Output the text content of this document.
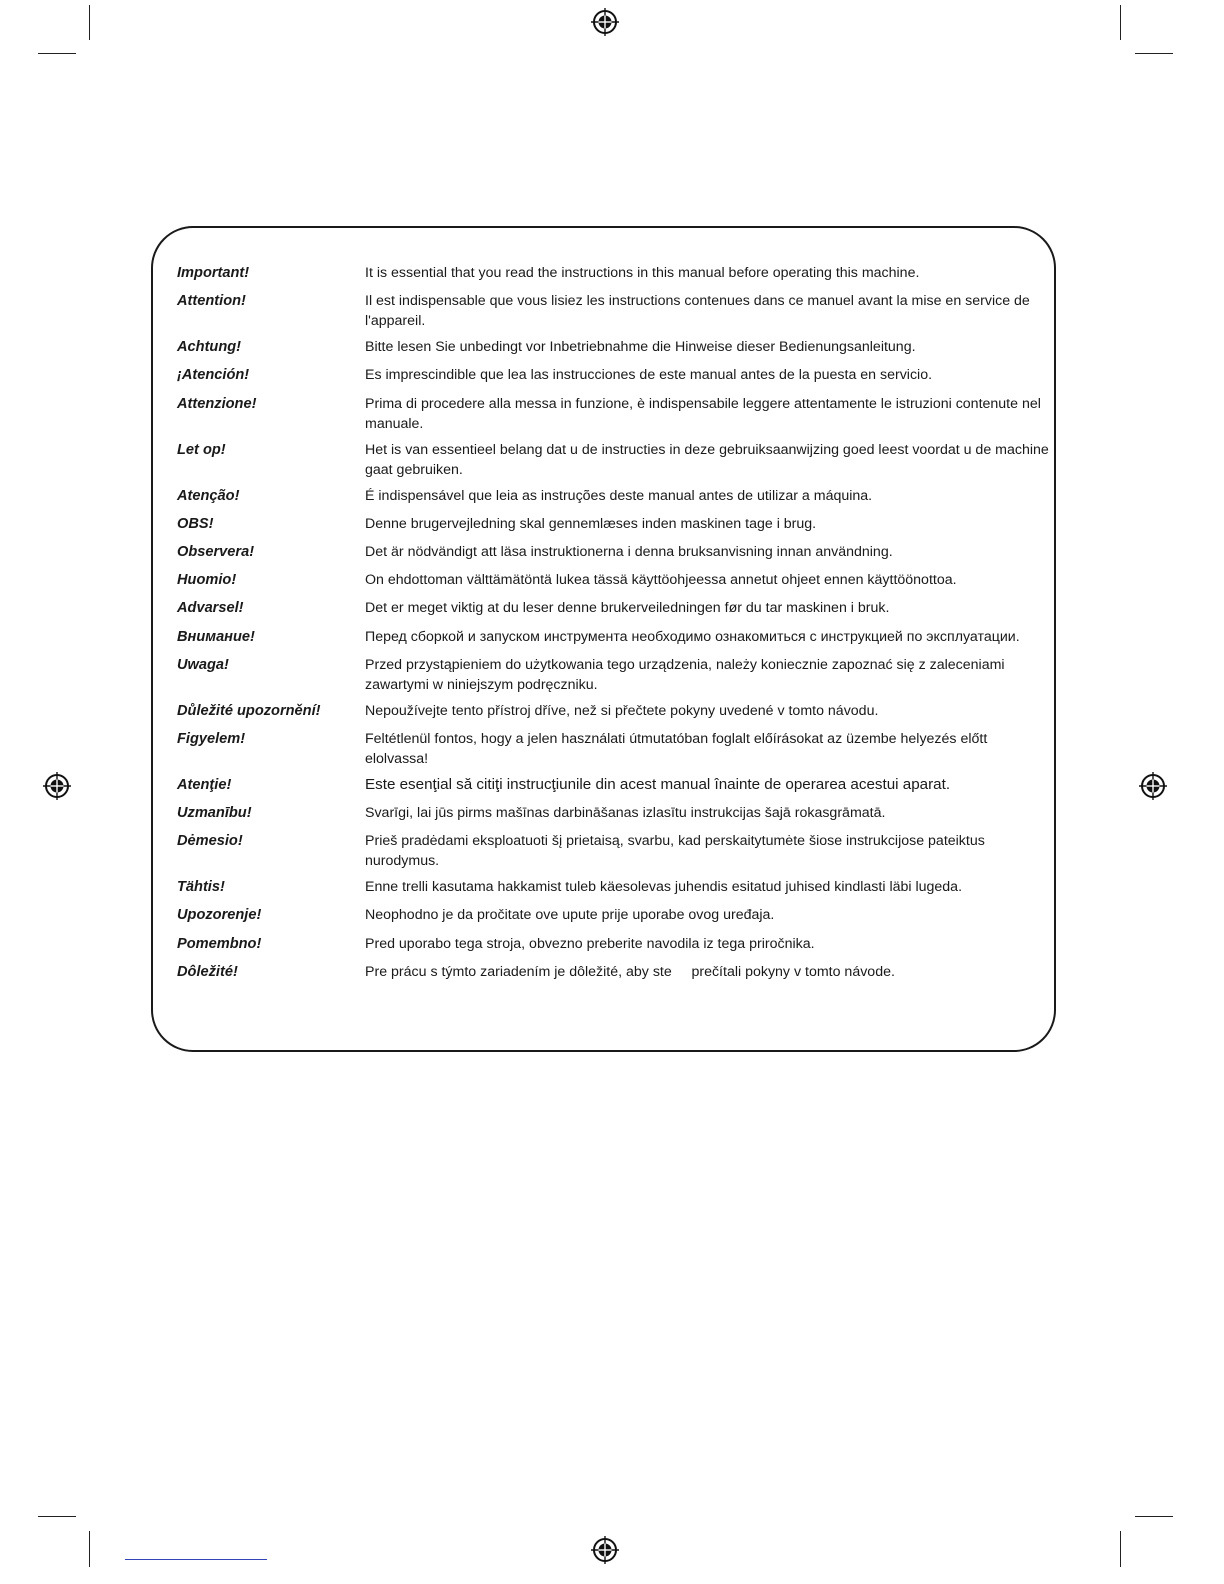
Important!	It is essential that you read the instructions in this manual before operating this machine.
Attention!	Il est indispensable que vous lisiez les instructions contenues dans ce manuel avant la mise en service de l'appareil.
Achtung!	Bitte lesen Sie unbedingt vor Inbetriebnahme die Hinweise dieser Bedienungsanleitung.
¡Atención!	Es imprescindible que lea las instrucciones de este manual antes de la puesta en servicio.
Attenzione!	Prima di procedere alla messa in funzione, è indispensabile leggere attentamente le istruzioni contenute nel manuale.
Let op!	Het is van essentieel belang dat u de instructies in deze gebruiksaanwijzing goed leest voordat u de machine gaat gebruiken.
Atenção!	É indispensável que leia as instruções deste manual antes de utilizar a máquina.
OBS!	Denne brugervejledning skal gennemlæses inden maskinen tage i brug.
Observera!	Det är nödvändigt att läsa instruktionerna i denna bruksanvisning innan användning.
Huomio!	On ehdottoman välttämätöntä lukea tässä käyttöohjeessa annetut ohjeet ennen käyttöönottoa.
Advarsel!	Det er meget viktig at du leser denne brukerveiledningen før du tar maskinen i bruk.
Внимание!	Перед сборкой и запуском инструмента необходимо ознакомиться с инструкцией по эксплуатации.
Uwaga!	Przed przystąpieniem do użytkowania tego urządzenia, należy koniecznie zapoznać się z zaleceniami zawartymi w niniejszym podręczniku.
Důležité upozornění!	Nepoužívejte tento přístroj dříve, než si přečtete pokyny uvedené v tomto návodu.
Figyelem!	Feltétlenül fontos, hogy a jelen használati útmutatóban foglalt előírásokat az üzembe helyezés előtt elolvassa!
Atenţie!	Este esenţial să citiţi instrucţiunile din acest manual înainte de operarea acestui aparat.
Uzmanību!	Svarīgi, lai jūs pirms mašīnas darbināšanas izlasītu instrukcijas šajā rokasgrāmatā.
Dėmesio!	Prieš pradėdami eksploatuoti šį prietaisą, svarbu, kad perskaitytumėte šiose instrukcijose pateiktus nurodymus.
Tähtis!	Enne trelli kasutama hakkamist tuleb käesolevas juhendis esitatud juhised kindlasti läbi lugeda.
Upozorenje!	Neophodno je da pročitate ove upute prije uporabe ovog uređaja.
Pomembno!	Pred uporabo tega stroja, obvezno preberite navodila iz tega priročnika.
Dôležité!	Pre prácu s týmto zariadením je dôležité, aby ste     prečítali pokyny v tomto návode.
